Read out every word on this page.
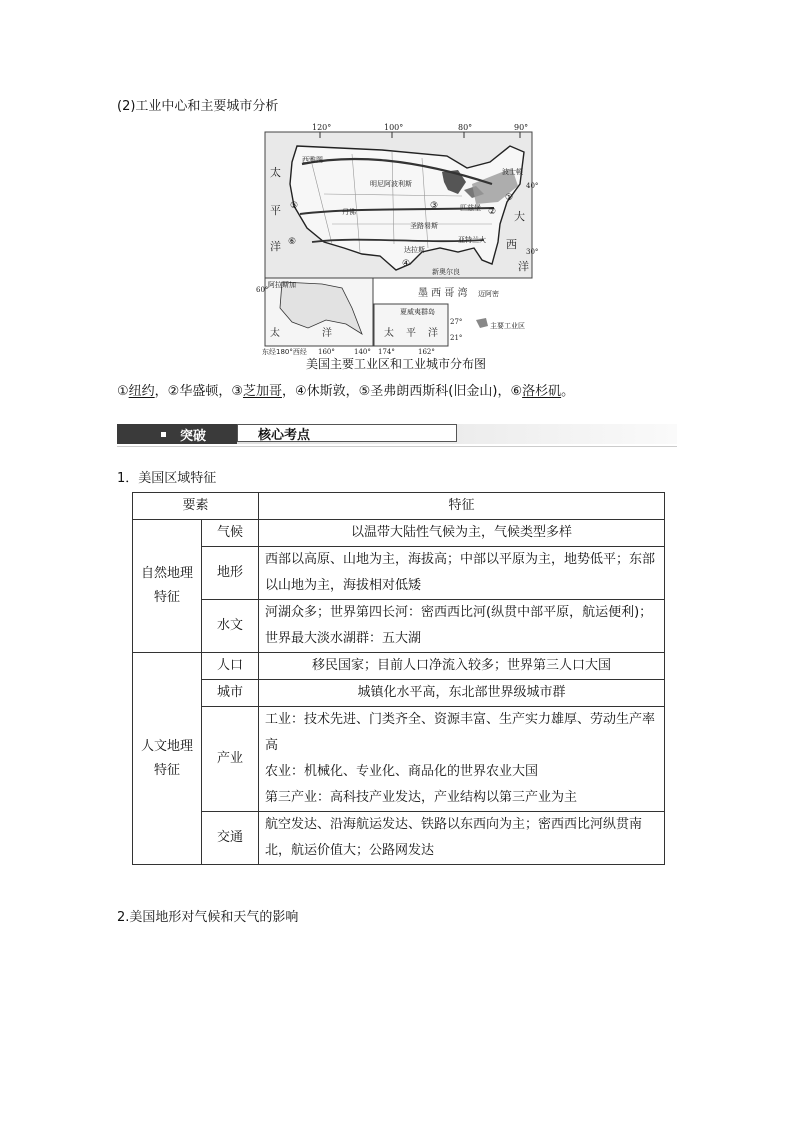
(2)工业中心和主要城市分析
120°	100°	80°	90°
40°
30°
西雅图
明尼阿波利斯
丹佛
圣路易斯
匹兹堡
波士顿
达拉斯
亚特兰大
新奥尔良
迈阿密
①
②
③
④
⑤
⑥
太
平
洋
大
西
洋
墨 西 哥 湾
阿拉斯加
60°
太	洋
东经180°西经 160°	140°
夏威夷群岛
太 平 洋
27°
21°
174°	162°
主要工业区
美国主要工业区和工业城市分布图
①纽约，②华盛顿，③芝加哥，④休斯敦，⑤圣弗朗西斯科(旧金山)，⑥洛杉矶。
突破	核心考点
1．美国区域特征
要素		特征
自然地理特征	气候	以温带大陆性气候为主，气候类型多样
	地形	西部以高原、山地为主，海拔高；中部以平原为主，地势低平；东部以山地为主，海拔相对低矮
	水文	河湖众多；世界第四长河：密西西比河(纵贯中部平原，航运便利)；世界最大淡水湖群：五大湖
人文地理特征	人口	移民国家；目前人口净流入较多；世界第三人口大国
	城市	城镇化水平高，东北部世界级城市群
	产业	工业：技术先进、门类齐全、资源丰富、生产实力雄厚、劳动生产率高
农业：机械化、专业化、商品化的世界农业大国
第三产业：高科技产业发达，产业结构以第三产业为主

	交通	航空发达、沿海航运发达、铁路以东西向为主；密西西比河纵贯南北，航运价值大；公路网发达
2.美国地形对气候和天气的影响
